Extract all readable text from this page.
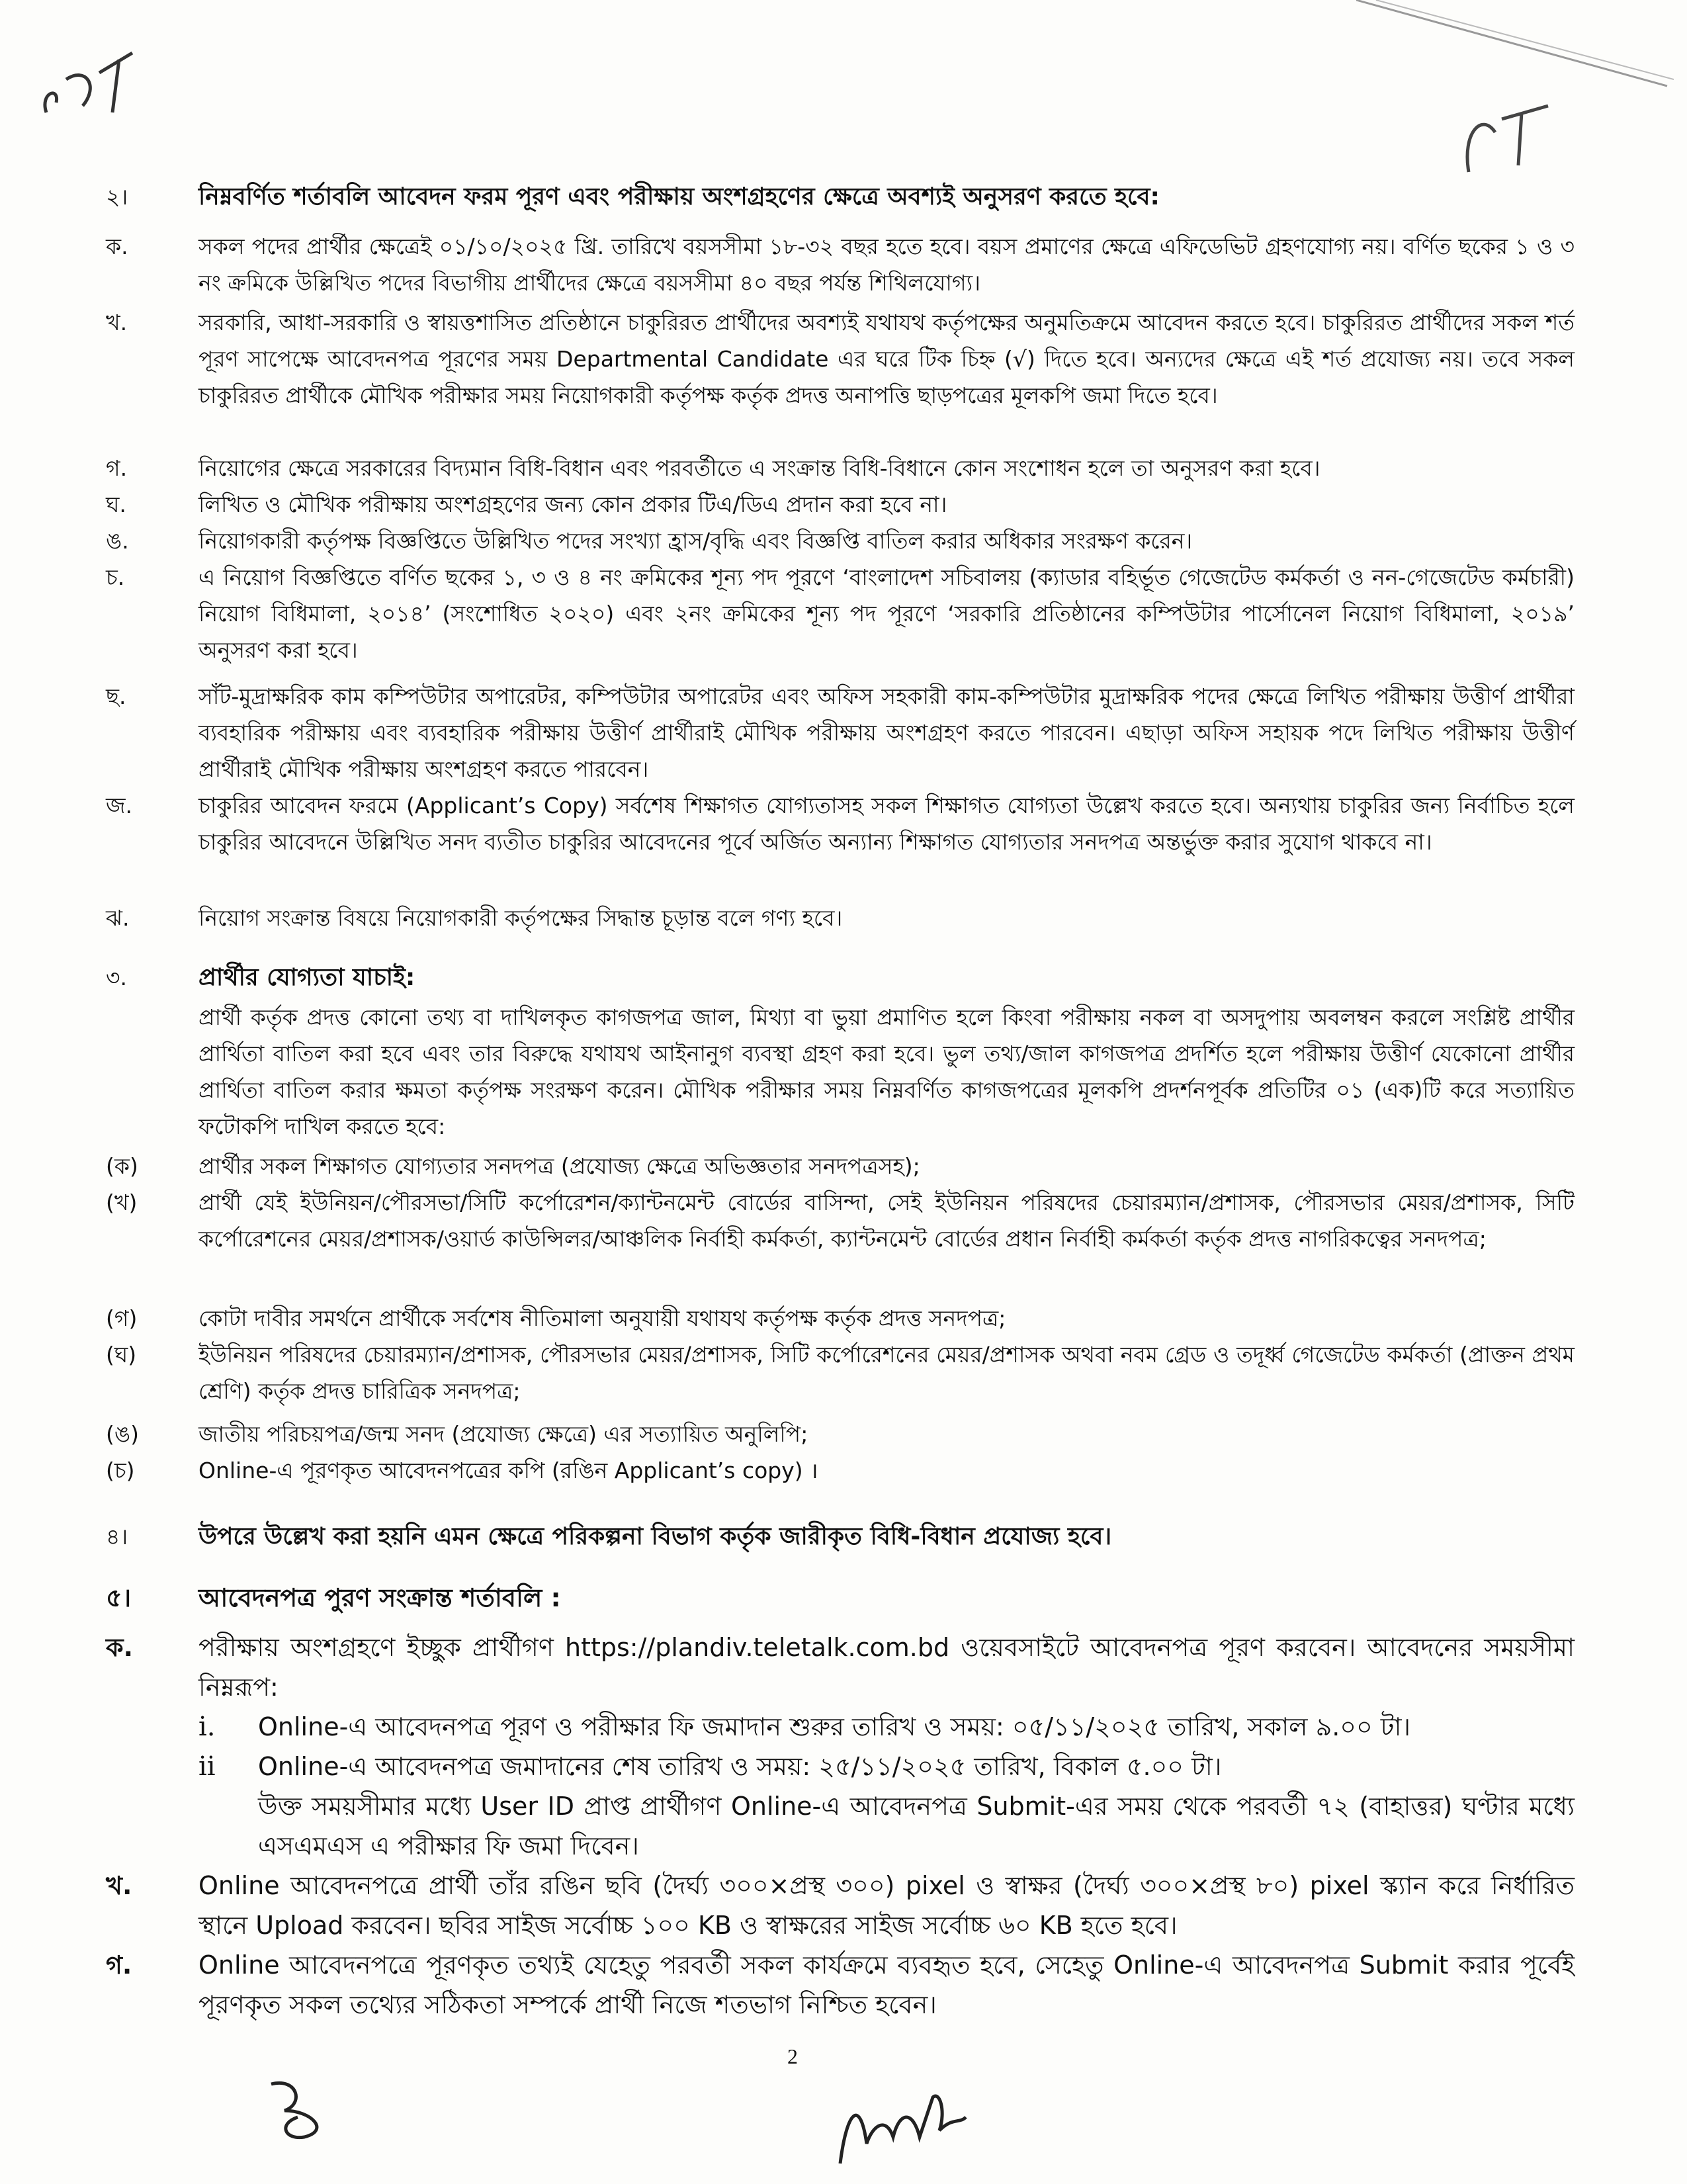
২।	নিম্নবর্ণিত শর্তাবলি আবেদন ফরম পূরণ এবং পরীক্ষায় অংশগ্রহণের ক্ষেত্রে অবশ্যই অনুসরণ করতে হবে:
ক.	সকল পদের প্রার্থীর ক্ষেত্রেই ০১/১০/২০২৫ খ্রি. তারিখে বয়সসীমা ১৮-৩২ বছর হতে হবে। বয়স প্রমাণের ক্ষেত্রে এফিডেভিট গ্রহণযোগ্য নয়। বর্ণিত ছকের ১ ও ৩ নং ক্রমিকে উল্লিখিত পদের বিভাগীয় প্রার্থীদের ক্ষেত্রে বয়সসীমা ৪০ বছর পর্যন্ত শিথিলযোগ্য।
খ.	সরকারি, আধা-সরকারি ও স্বায়ত্তশাসিত প্রতিষ্ঠানে চাকুরিরত প্রার্থীদের অবশ্যই যথাযথ কর্তৃপক্ষের অনুমতিক্রমে আবেদন করতে হবে। চাকুরিরত প্রার্থীদের সকল শর্ত পূরণ সাপেক্ষে আবেদনপত্র পূরণের সময় Departmental Candidate এর ঘরে টিক চিহ্ন (√) দিতে হবে। অন্যদের ক্ষেত্রে এই শর্ত প্রযোজ্য নয়। তবে সকল চাকুরিরত প্রার্থীকে মৌখিক পরীক্ষার সময় নিয়োগকারী কর্তৃপক্ষ কর্তৃক প্রদত্ত অনাপত্তি ছাড়পত্রের মূলকপি জমা দিতে হবে।
গ.	নিয়োগের ক্ষেত্রে সরকারের বিদ্যমান বিধি-বিধান এবং পরবর্তীতে এ সংক্রান্ত বিধি-বিধানে কোন সংশোধন হলে তা অনুসরণ করা হবে।
ঘ.	লিখিত ও মৌখিক পরীক্ষায় অংশগ্রহণের জন্য কোন প্রকার টিএ/ডিএ প্রদান করা হবে না।
ঙ.	নিয়োগকারী কর্তৃপক্ষ বিজ্ঞপ্তিতে উল্লিখিত পদের সংখ্যা হ্রাস/বৃদ্ধি এবং বিজ্ঞপ্তি বাতিল করার অধিকার সংরক্ষণ করেন।
চ.	এ নিয়োগ বিজ্ঞপ্তিতে বর্ণিত ছকের ১, ৩ ও ৪ নং ক্রমিকের শূন্য পদ পূরণে ‘বাংলাদেশ সচিবালয় (ক্যাডার বহির্ভূত গেজেটেড কর্মকর্তা ও নন-গেজেটেড কর্মচারী) নিয়োগ বিধিমালা, ২০১৪’ (সংশোধিত ২০২০) এবং ২নং ক্রমিকের শূন্য পদ পূরণে ‘সরকারি প্রতিষ্ঠানের কম্পিউটার পার্সোনেল নিয়োগ বিধিমালা, ২০১৯’ অনুসরণ করা হবে।
ছ.	সাঁট-মুদ্রাক্ষরিক কাম কম্পিউটার অপারেটর, কম্পিউটার অপারেটর এবং অফিস সহকারী কাম-কম্পিউটার মুদ্রাক্ষরিক পদের ক্ষেত্রে লিখিত পরীক্ষায় উত্তীর্ণ প্রার্থীরা ব্যবহারিক পরীক্ষায় এবং ব্যবহারিক পরীক্ষায় উত্তীর্ণ প্রার্থীরাই মৌখিক পরীক্ষায় অংশগ্রহণ করতে পারবেন। এছাড়া অফিস সহায়ক পদে লিখিত পরীক্ষায় উত্তীর্ণ প্রার্থীরাই মৌখিক পরীক্ষায় অংশগ্রহণ করতে পারবেন।
জ.	চাকুরির আবেদন ফরমে (Applicant’s Copy) সর্বশেষ শিক্ষাগত যোগ্যতাসহ সকল শিক্ষাগত যোগ্যতা উল্লেখ করতে হবে। অন্যথায় চাকুরির জন্য নির্বাচিত হলে চাকুরির আবেদনে উল্লিখিত সনদ ব্যতীত চাকুরির আবেদনের পূর্বে অর্জিত অন্যান্য শিক্ষাগত যোগ্যতার সনদপত্র অন্তর্ভুক্ত করার সুযোগ থাকবে না।
ঝ.	নিয়োগ সংক্রান্ত বিষয়ে নিয়োগকারী কর্তৃপক্ষের সিদ্ধান্ত চূড়ান্ত বলে গণ্য হবে।
৩.	প্রার্থীর যোগ্যতা যাচাই:
প্রার্থী কর্তৃক প্রদত্ত কোনো তথ্য বা দাখিলকৃত কাগজপত্র জাল, মিথ্যা বা ভুয়া প্রমাণিত হলে কিংবা পরীক্ষায় নকল বা অসদুপায় অবলম্বন করলে সংশ্লিষ্ট প্রার্থীর প্রার্থিতা বাতিল করা হবে এবং তার বিরুদ্ধে যথাযথ আইনানুগ ব্যবস্থা গ্রহণ করা হবে। ভুল তথ্য/জাল কাগজপত্র প্রদর্শিত হলে পরীক্ষায় উত্তীর্ণ যেকোনো প্রার্থীর প্রার্থিতা বাতিল করার ক্ষমতা কর্তৃপক্ষ সংরক্ষণ করেন। মৌখিক পরীক্ষার সময় নিম্নবর্ণিত কাগজপত্রের মূলকপি প্রদর্শনপূর্বক প্রতিটির ০১ (এক)টি করে সত্যায়িত ফটোকপি দাখিল করতে হবে:
(ক)	প্রার্থীর সকল শিক্ষাগত যোগ্যতার সনদপত্র (প্রযোজ্য ক্ষেত্রে অভিজ্ঞতার সনদপত্রসহ);
(খ)	প্রার্থী যেই ইউনিয়ন/পৌরসভা/সিটি কর্পোরেশন/ক্যান্টনমেন্ট বোর্ডের বাসিন্দা, সেই ইউনিয়ন পরিষদের চেয়ারম্যান/প্রশাসক, পৌরসভার মেয়র/প্রশাসক, সিটি কর্পোরেশনের মেয়র/প্রশাসক/ওয়ার্ড কাউন্সিলর/আঞ্চলিক নির্বাহী কর্মকর্তা, ক্যান্টনমেন্ট বোর্ডের প্রধান নির্বাহী কর্মকর্তা কর্তৃক প্রদত্ত নাগরিকত্বের সনদপত্র;
(গ)	কোটা দাবীর সমর্থনে প্রার্থীকে সর্বশেষ নীতিমালা অনুযায়ী যথাযথ কর্তৃপক্ষ কর্তৃক প্রদত্ত সনদপত্র;
(ঘ)	ইউনিয়ন পরিষদের চেয়ারম্যান/প্রশাসক, পৌরসভার মেয়র/প্রশাসক, সিটি কর্পোরেশনের মেয়র/প্রশাসক অথবা নবম গ্রেড ও তদূর্ধ্ব গেজেটেড কর্মকর্তা (প্রাক্তন প্রথম শ্রেণি) কর্তৃক প্রদত্ত চারিত্রিক সনদপত্র;
(ঙ)	জাতীয় পরিচয়পত্র/জন্ম সনদ (প্রযোজ্য ক্ষেত্রে) এর সত্যায়িত অনুলিপি;
(চ)	Online-এ পূরণকৃত আবেদনপত্রের কপি (রঙিন Applicant’s copy) ।
৪।	উপরে উল্লেখ করা হয়নি এমন ক্ষেত্রে পরিকল্পনা বিভাগ কর্তৃক জারীকৃত বিধি-বিধান প্রযোজ্য হবে।
৫।	আবেদনপত্র পুরণ সংক্রান্ত শর্তাবলি :
ক.	পরীক্ষায় অংশগ্রহণে ইচ্ছুক প্রার্থীগণ https://plandiv.teletalk.com.bd ওয়েবসাইটে আবেদনপত্র পূরণ করবেন। আবেদনের সময়সীমা নিম্নরূপ:
i.	Online-এ আবেদনপত্র পূরণ ও পরীক্ষার ফি জমাদান শুরুর তারিখ ও সময়: ০৫/১১/২০২৫ তারিখ, সকাল ৯.০০ টা।
ii	Online-এ আবেদনপত্র জমাদানের শেষ তারিখ ও সময়: ২৫/১১/২০২৫ তারিখ, বিকাল ৫.০০ টা।
উক্ত সময়সীমার মধ্যে User ID প্রাপ্ত প্রার্থীগণ Online-এ আবেদনপত্র Submit-এর সময় থেকে পরবর্তী ৭২ (বাহাত্তর) ঘণ্টার মধ্যে এসএমএস এ পরীক্ষার ফি জমা দিবেন।
খ.	Online আবেদনপত্রে প্রার্থী তাঁর রঙিন ছবি (দৈর্ঘ্য ৩০০×প্রস্থ ৩০০) pixel ও স্বাক্ষর (দৈর্ঘ্য ৩০০×প্রস্থ ৮০) pixel স্ক্যান করে নির্ধারিত স্থানে Upload করবেন। ছবির সাইজ সর্বোচ্চ ১০০ KB ও স্বাক্ষরের সাইজ সর্বোচ্চ ৬০ KB হতে হবে।
গ.	Online আবেদনপত্রে পূরণকৃত তথ্যই যেহেতু পরবর্তী সকল কার্যক্রমে ব্যবহৃত হবে, সেহেতু Online-এ আবেদনপত্র Submit করার পূর্বেই পূরণকৃত সকল তথ্যের সঠিকতা সম্পর্কে প্রার্থী নিজে শতভাগ নিশ্চিত হবেন।
2
